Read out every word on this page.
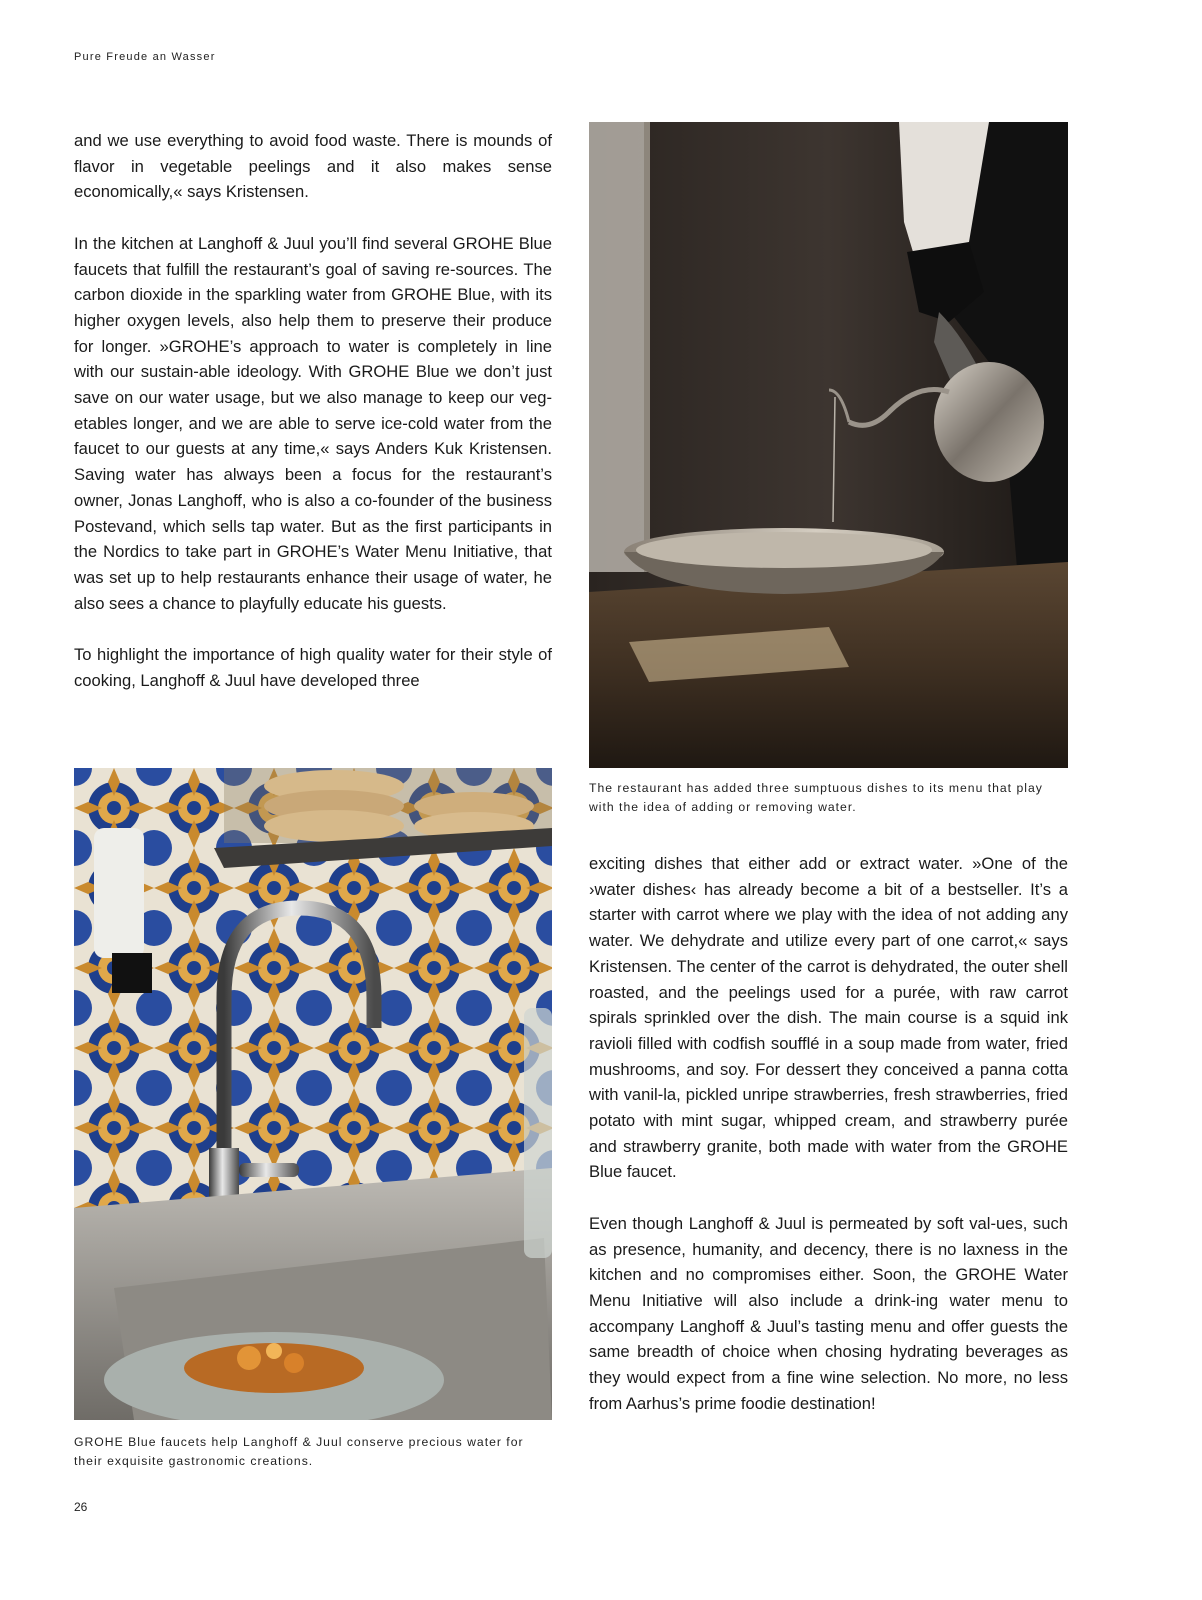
Pure Freude an Wasser

and we use everything to avoid food waste. There is mounds of flavor in vegetable peelings and it also makes sense economically,« says Kristensen.

In the kitchen at Langhoff & Juul you’ll find several GROHE Blue faucets that fulfill the restaurant’s goal of saving re-sources. The carbon dioxide in the sparkling water from GROHE Blue, with its higher oxygen levels, also help them to preserve their produce for longer. »GROHE’s approach to water is completely in line with our sustain-able ideology. With GROHE Blue we don’t just save on our water usage, but we also manage to keep our veg-etables longer, and we are able to serve ice-cold water from the faucet to our guests at any time,« says Anders Kuk Kristensen. Saving water has always been a focus for the restaurant’s owner, Jonas Langhoff, who is also a co-founder of the business Postevand, which sells tap water. But as the first participants in the Nordics to take part in GROHE’s Water Menu Initiative, that was set up to help restaurants enhance their usage of water, he also sees a chance to playfully educate his guests.

To highlight the importance of high quality water for their style of cooking, Langhoff & Juul have developed three

The restaurant has added three sumptuous dishes to its menu that play with the idea of adding or removing water.

GROHE Blue faucets help Langhoff & Juul conserve precious water for their exquisite gastronomic creations.

exciting dishes that either add or extract water. »One of the ›water dishes‹ has already become a bit of a bestseller. It’s a starter with carrot where we play with the idea of not adding any water. We dehydrate and utilize every part of one carrot,« says Kristensen. The center of the carrot is dehydrated, the outer shell roasted, and the peelings used for a purée, with raw carrot spirals sprinkled over the dish. The main course is a squid ink ravioli filled with codfish soufflé in a soup made from water, fried mushrooms, and soy. For dessert they conceived a panna cotta with vanil-la, pickled unripe strawberries, fresh strawberries, fried potato with mint sugar, whipped cream, and strawberry purée and strawberry granite, both made with water from the GROHE Blue faucet.

Even though Langhoff & Juul is permeated by soft val-ues, such as presence, humanity, and decency, there is no laxness in the kitchen and no compromises either. Soon, the GROHE Water Menu Initiative will also include a drink-ing water menu to accompany Langhoff & Juul’s tasting menu and offer guests the same breadth of choice when chosing hydrating beverages as they would expect from a fine wine selection. No more, no less from Aarhus’s prime foodie destination!

26
